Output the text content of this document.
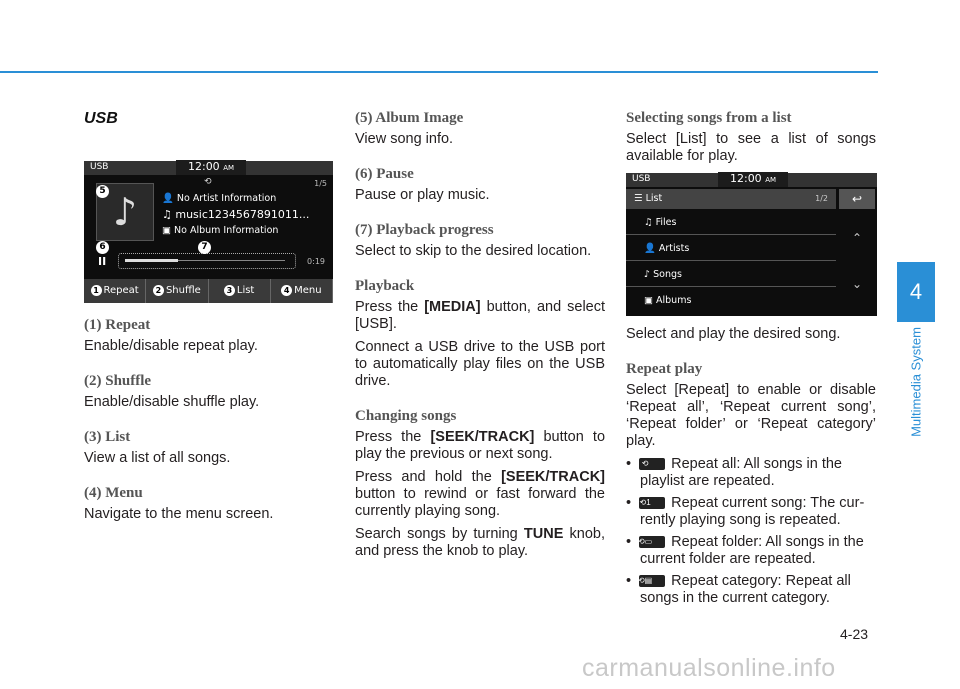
USB
USB	12:00 AM
⟲	1/5
♪	👤 No Artist Information
♫ music1234567891011...
▣ No Album Information
II	0:19
5
6	7
1 Repeat	2 Shuffle	3 List	4 Menu
(1) Repeat

Enable/disable repeat play.

(2) Shuffle

Enable/disable shuffle play.

(3) List

View a list of all songs.

(4) Menu

Navigate to the menu screen.

(5) Album Image

View song info.

(6) Pause

Pause or play music.

(7) Playback progress

Select to skip to the desired location.

Playback

Press the [MEDIA] button, and select [USB].

Connect a USB drive to the USB port to automatically play files on the USB drive.

Changing songs

Press the [SEEK/TRACK] button to play the previous or next song.

Press and hold the [SEEK/TRACK] button to rewind or fast forward the currently playing song.

Search songs by turning TUNE knob, and press the knob to play.

Selecting songs from a list

Select [List] to see a list of songs available for play.

USB	12:00 AM
☰ List	1/2	↩
♫ Files
👤 Artists
♪ Songs
▣ Albums
⌃
⌄

Select and play the desired song.

Repeat play

Select [Repeat] to enable or disable ‘Repeat all’, ‘Repeat current song’, ‘Repeat folder’ or ‘Repeat category’ play.

• ⟲ Repeat all: All songs in the playlist are repeated.
• ⟲1 Repeat current song: The cur-rently playing song is repeated.
• ⟲▭ Repeat folder: All songs in the current folder are repeated.
• ⟲▤ Repeat category: Repeat all songs in the current category.
4
Multimedia System
4-23
carmanualsonline.info
